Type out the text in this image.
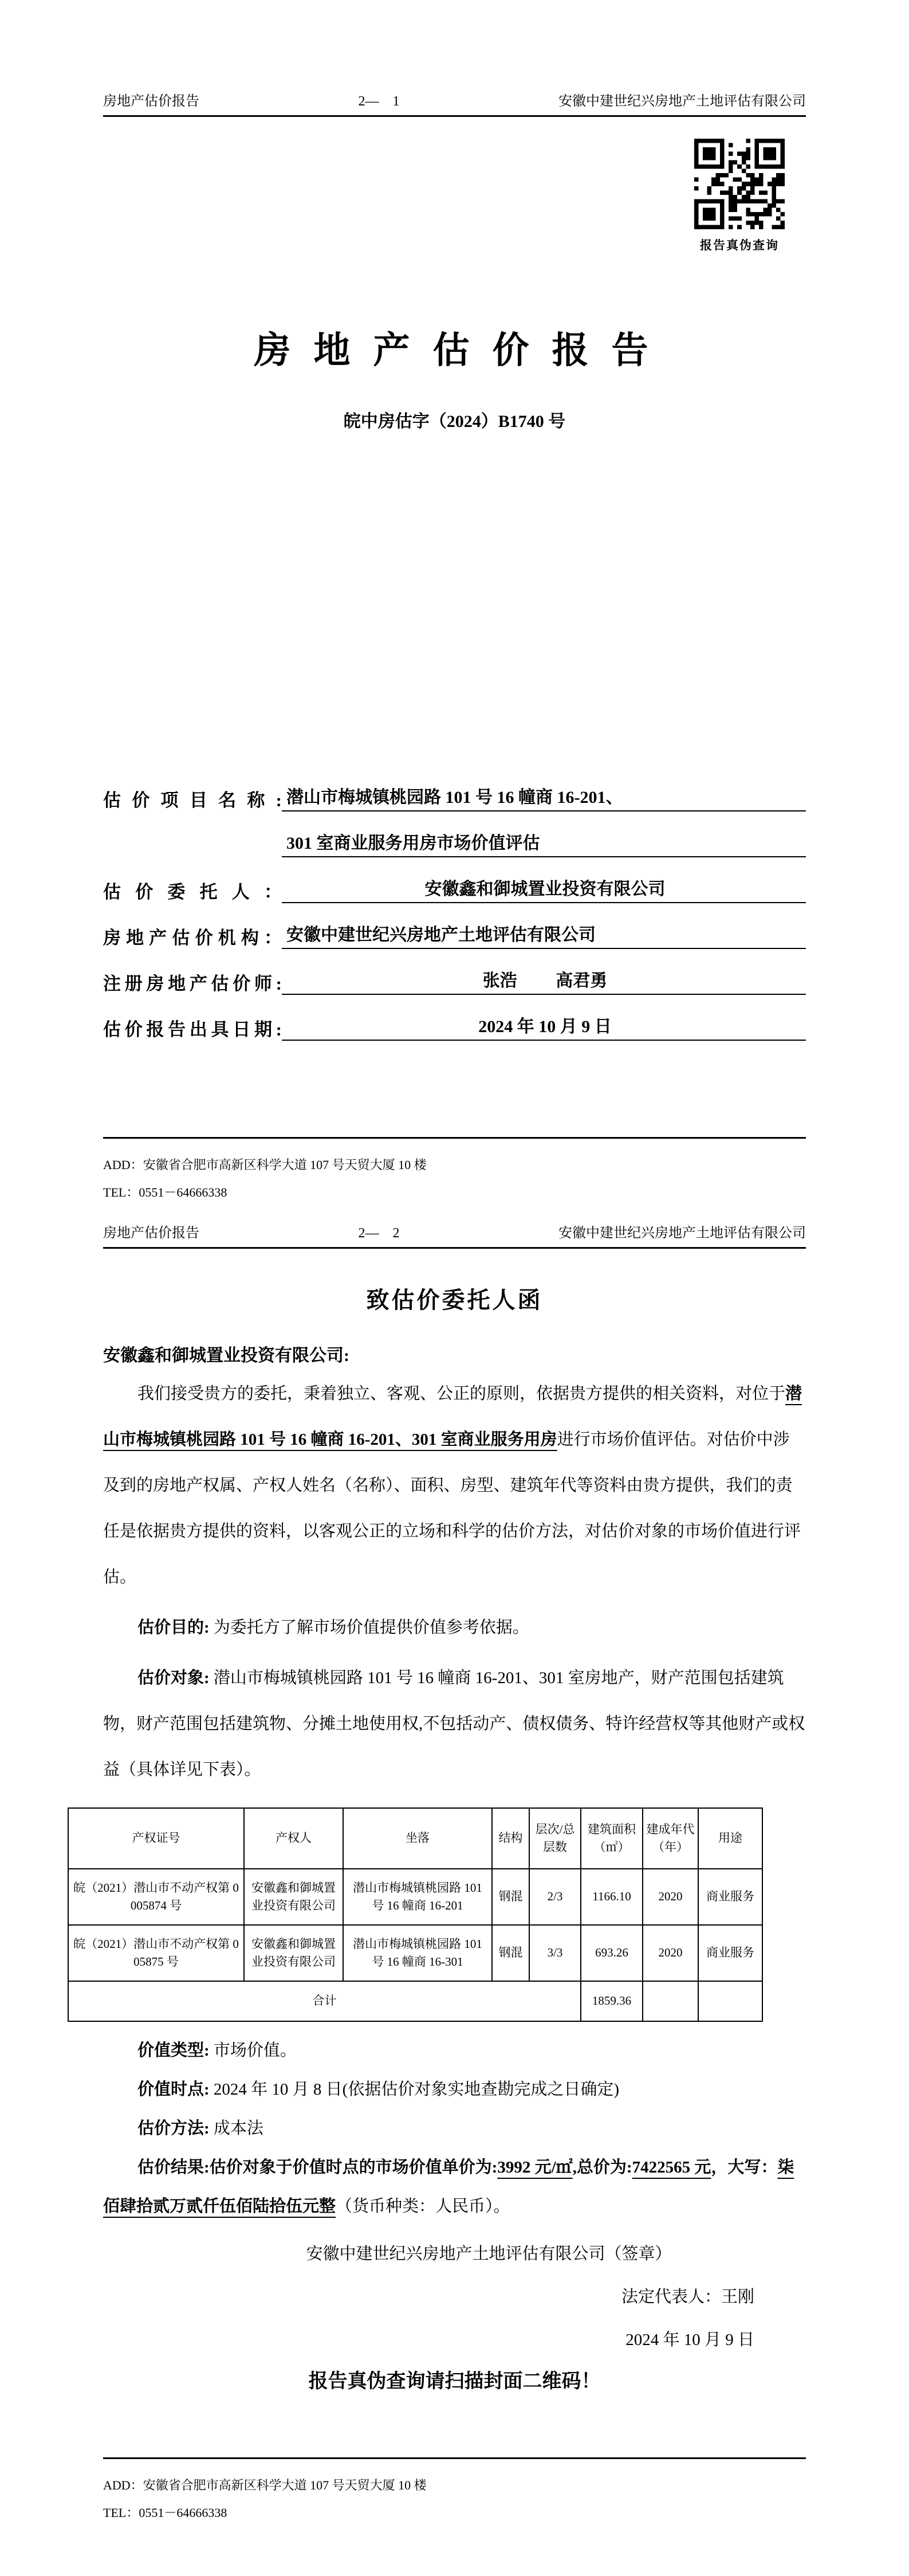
房地产估价报告	2—    1	安徽中建世纪兴房地产土地评估有限公司
报告真伪查询
房 地 产 估 价 报 告
皖中房估字（2024）B1740 号
估价项目名称: 潜山市梅城镇桃园路 101 号 16 幢商 16-201、
301 室商业服务用房市场价值评估
估价委托人：	安徽鑫和御城置业投资有限公司
房地产估价机构： 安徽中建世纪兴房地产土地评估有限公司
注册房地产估价师:	张浩         高君勇
估价报告出具日期:	2024 年 10 月 9 日
ADD：安徽省合肥市高新区科学大道 107 号天贸大厦 10 楼
TEL：0551－64666338
房地产估价报告	2—    2	安徽中建世纪兴房地产土地评估有限公司
致估价委托人函
安徽鑫和御城置业投资有限公司:

我们接受贵方的委托，秉着独立、客观、公正的原则，依据贵方提供的相关资料，对位于潜山市梅城镇桃园路 101 号 16 幢商 16-201、301 室商业服务用房进行市场价值评估。对估价中涉及到的房地产权属、产权人姓名（名称）、面积、房型、建筑年代等资料由贵方提供，我们的责任是依据贵方提供的资料，以客观公正的立场和科学的估价方法，对估价对象的市场价值进行评估。

估价目的: 为委托方了解市场价值提供价值参考依据。

估价对象: 潜山市梅城镇桃园路 101 号 16 幢商 16-201、301 室房地产，财产范围包括建筑物，财产范围包括建筑物、分摊土地使用权,不包括动产、债权债务、特许经营权等其他财产或权益（具体详见下表）。

产权证号	产权人	坐落	结构	层次/总层数	建筑面积（㎡）	建成年代（年）	用途
皖（2021）潜山市不动产权第 0005874 号	安徽鑫和御城置业投资有限公司	潜山市梅城镇桃园路 101 号 16 幢商 16-201	钢混	2/3	1166.10	2020	商业服务
皖（2021）潜山市不动产权第 005875 号	安徽鑫和御城置业投资有限公司	潜山市梅城镇桃园路 101 号 16 幢商 16-301	钢混	3/3	693.26	2020	商业服务
合计					1859.36		

价值类型: 市场价值。

价值时点: 2024 年 10 月 8 日(依据估价对象实地查勘完成之日确定)

估价方法: 成本法

估价结果:估价对象于价值时点的市场价值单价为:3992 元/㎡,总价为:7422565 元，大写：柒佰肆拾贰万贰仟伍佰陆拾伍元整（货币种类：人民币）。

安徽中建世纪兴房地产土地评估有限公司（签章）
法定代表人：王刚
2024 年 10 月 9 日
报告真伪查询请扫描封面二维码！
ADD：安徽省合肥市高新区科学大道 107 号天贸大厦 10 楼
TEL：0551－64666338
